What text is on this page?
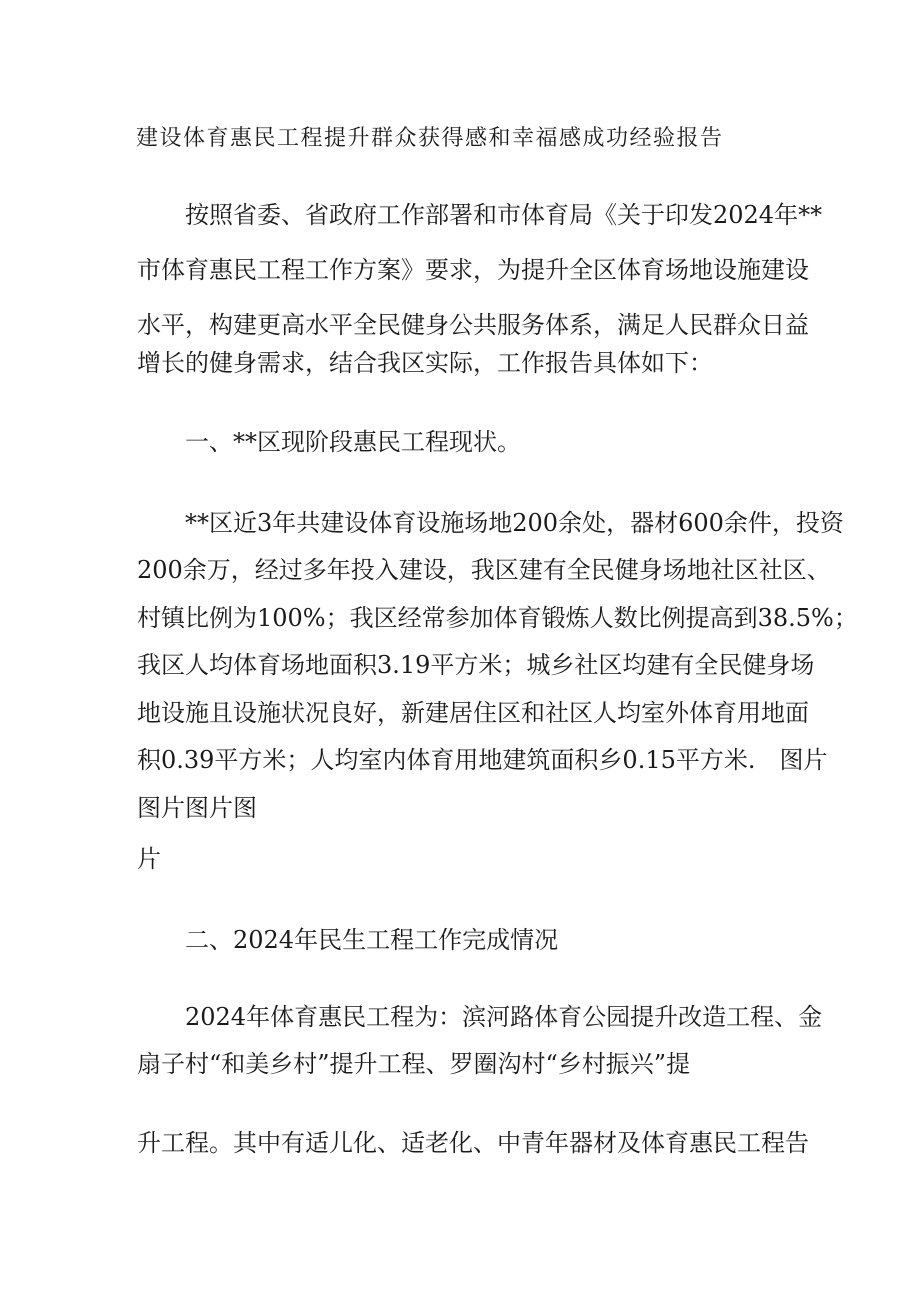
建设体育惠民工程提升群众获得感和幸福感成功经验报告

按照省委、省政府工作部署和市体育局《关于印发2024年**

市体育惠民工程工作方案》要求，为提升全区体育场地设施建设

水平，构建更高水平全民健身公共服务体系，满足人民群众日益

增长的健身需求，结合我区实际，工作报告具体如下：

一、**区现阶段惠民工程现状。

**区近3年共建设体育设施场地200余处，器材600余件，投资

200余万，经过多年投入建设，我区建有全民健身场地社区社区、

村镇比例为100%；我区经常参加体育锻炼人数比例提高到38.5%；

我区人均体育场地面积3.19平方米；城乡社区均建有全民健身场

地设施且设施状况良好，新建居住区和社区人均室外体育用地面

积0.39平方米；人均室内体育用地建筑面积乡0.15平方米.　图片

图片图片图

片

二、2024年民生工程工作完成情况

2024年体育惠民工程为：滨河路体育公园提升改造工程、金

扇子村“和美乡村”提升工程、罗圈沟村“乡村振兴”提

升工程。其中有适儿化、适老化、中青年器材及体育惠民工程告
